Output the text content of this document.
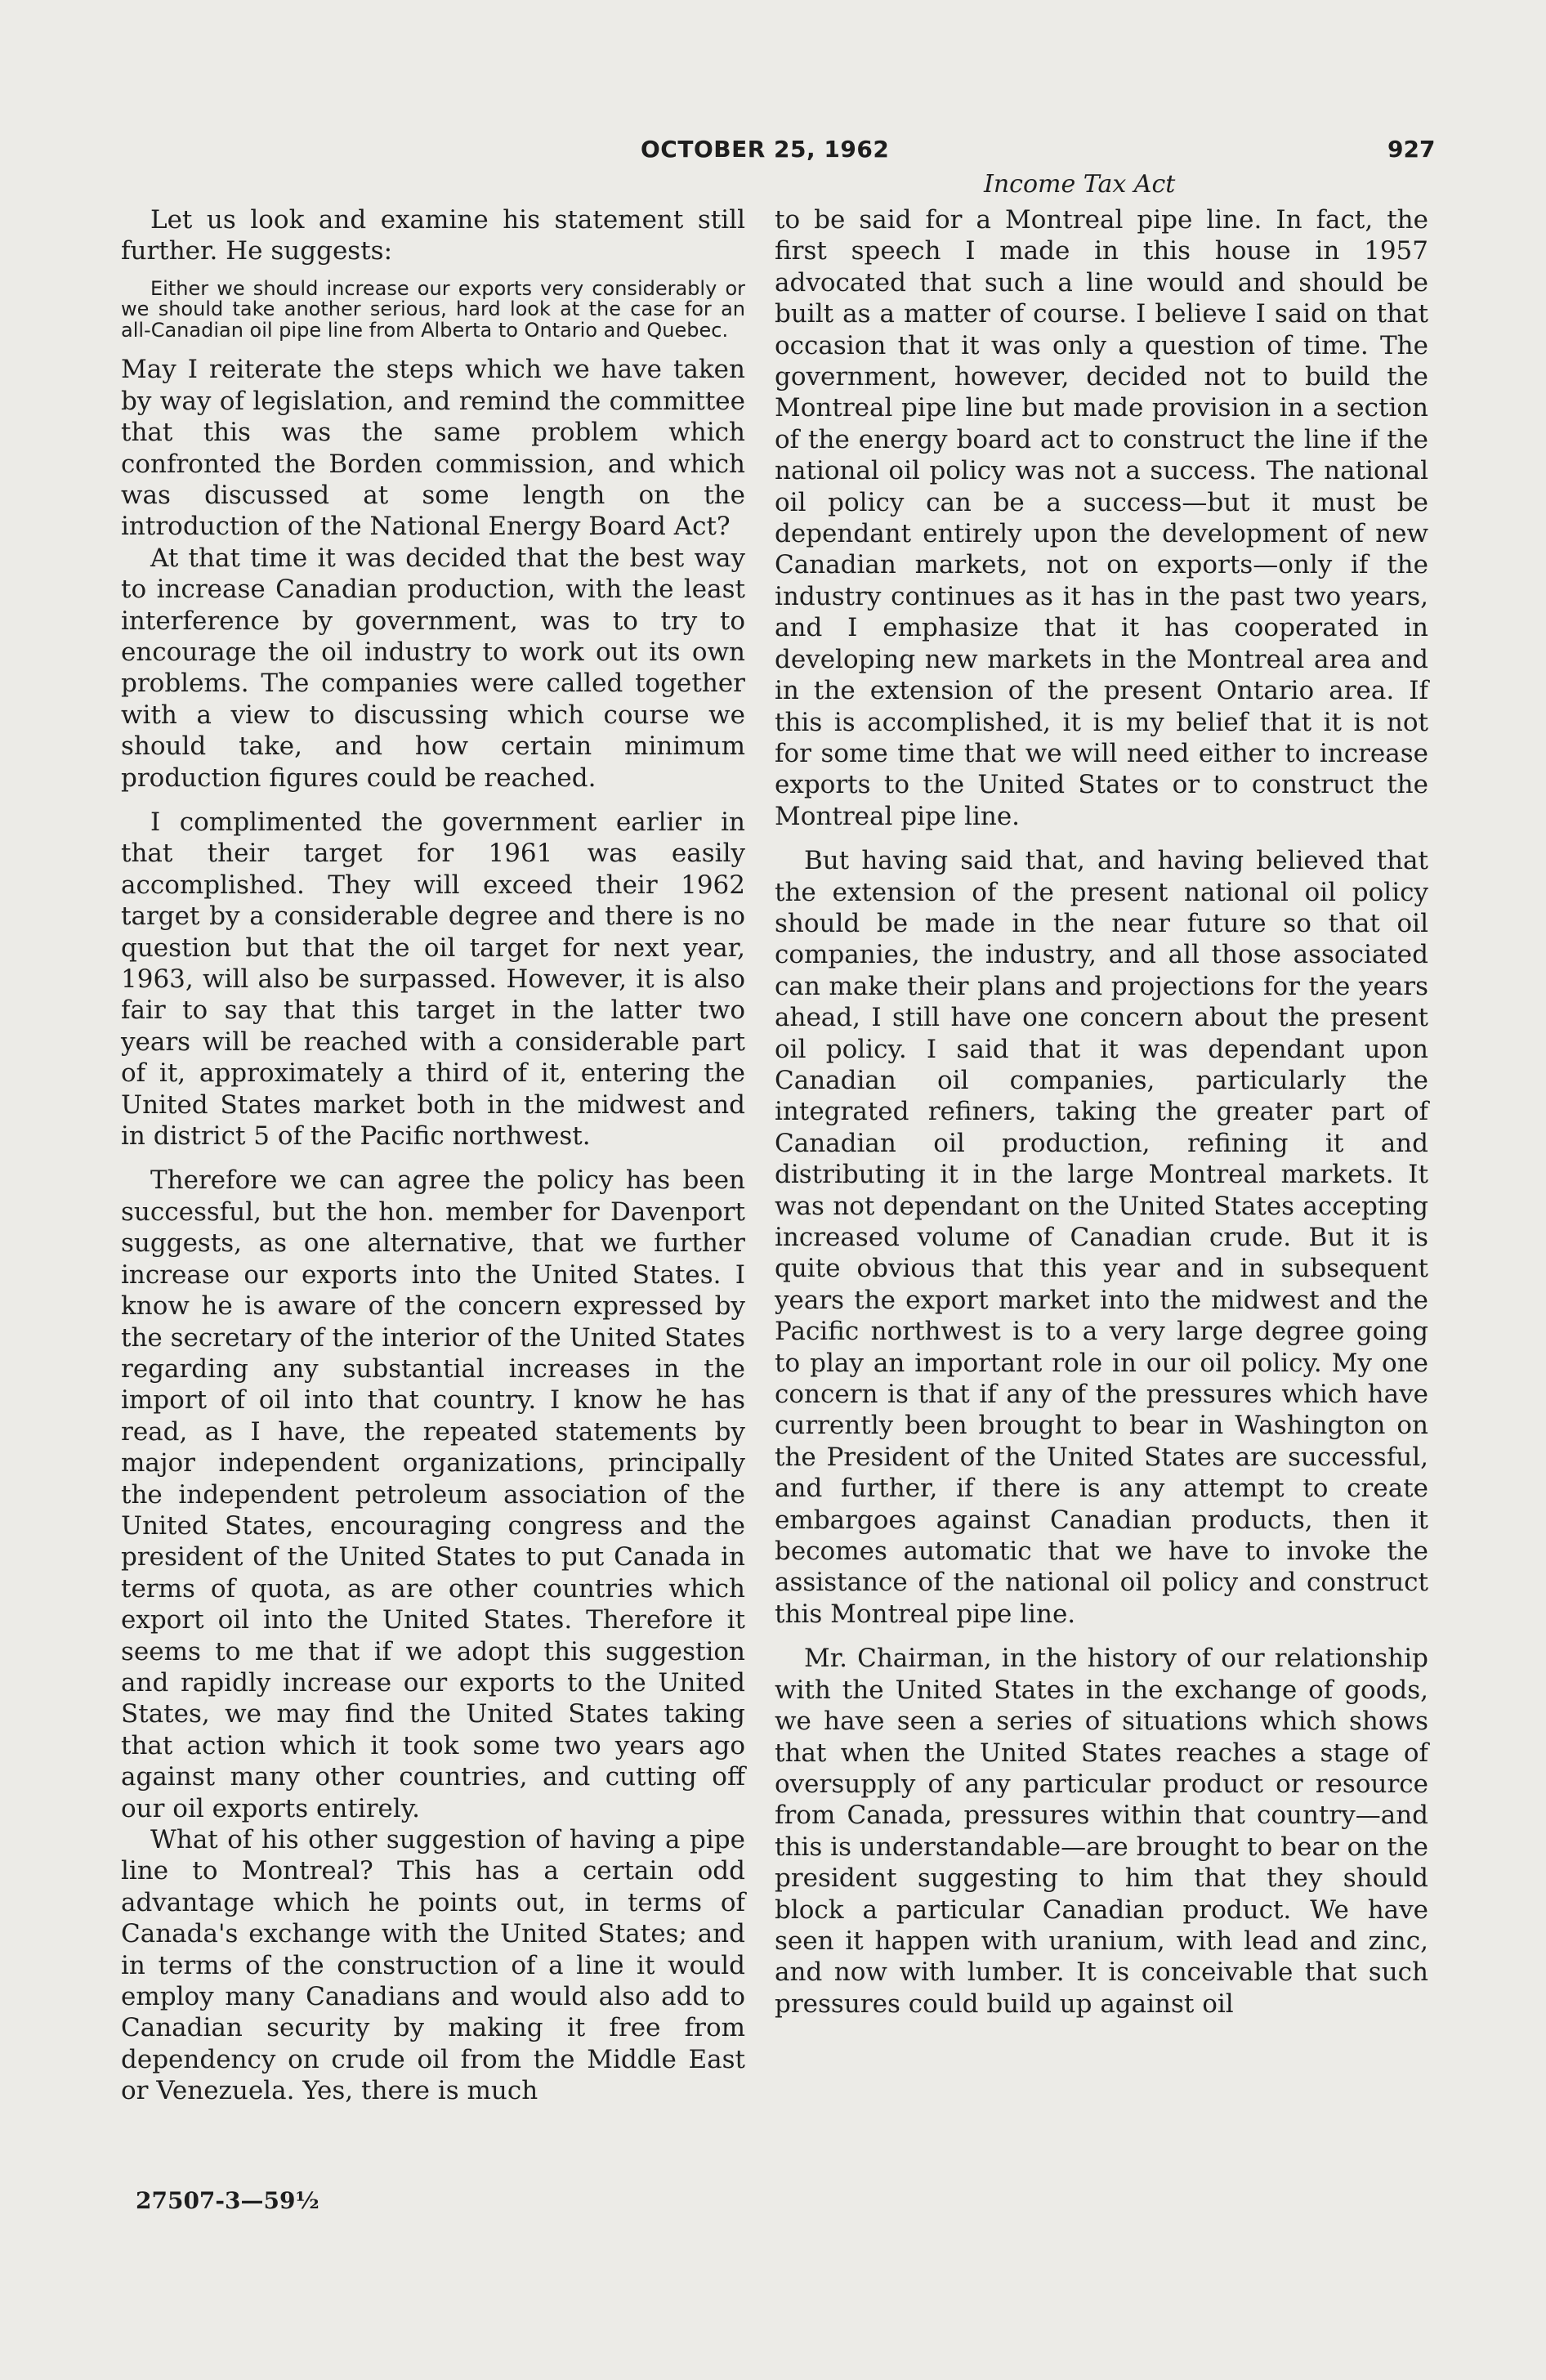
OCTOBER 25, 1962	927
Income Tax Act

Let us look and examine his statement still further. He suggests:

Either we should increase our exports very considerably or we should take another serious, hard look at the case for an all-Canadian oil pipe line from Alberta to Ontario and Quebec.

May I reiterate the steps which we have taken by way of legislation, and remind the committee that this was the same problem which confronted the Borden commission, and which was discussed at some length on the introduction of the National Energy Board Act?

At that time it was decided that the best way to increase Canadian production, with the least interference by government, was to try to encourage the oil industry to work out its own problems. The companies were called together with a view to discussing which course we should take, and how certain minimum production figures could be reached.

I complimented the government earlier in that their target for 1961 was easily accomplished. They will exceed their 1962 target by a considerable degree and there is no question but that the oil target for next year, 1963, will also be surpassed. However, it is also fair to say that this target in the latter two years will be reached with a considerable part of it, approximately a third of it, entering the United States market both in the midwest and in district 5 of the Pacific northwest.

Therefore we can agree the policy has been successful, but the hon. member for Davenport suggests, as one alternative, that we further increase our exports into the United States. I know he is aware of the concern expressed by the secretary of the interior of the United States regarding any substantial increases in the import of oil into that country. I know he has read, as I have, the repeated statements by major independent organizations, principally the independent petroleum association of the United States, encouraging congress and the president of the United States to put Canada in terms of quota, as are other countries which export oil into the United States. Therefore it seems to me that if we adopt this suggestion and rapidly increase our exports to the United States, we may find the United States taking that action which it took some two years ago against many other countries, and cutting off our oil exports entirely.

What of his other suggestion of having a pipe line to Montreal? This has a certain odd advantage which he points out, in terms of Canada's exchange with the United States; and in terms of the construction of a line it would employ many Canadians and would also add to Canadian security by making it free from dependency on crude oil from the Middle East or Venezuela. Yes, there is much

to be said for a Montreal pipe line. In fact, the first speech I made in this house in 1957 advocated that such a line would and should be built as a matter of course. I believe I said on that occasion that it was only a question of time. The government, however, decided not to build the Montreal pipe line but made provision in a section of the energy board act to construct the line if the national oil policy was not a success. The national oil policy can be a success—but it must be dependant entirely upon the development of new Canadian markets, not on exports—only if the industry continues as it has in the past two years, and I emphasize that it has cooperated in developing new markets in the Montreal area and in the extension of the present Ontario area. If this is accomplished, it is my belief that it is not for some time that we will need either to increase exports to the United States or to construct the Montreal pipe line.

But having said that, and having believed that the extension of the present national oil policy should be made in the near future so that oil companies, the industry, and all those associated can make their plans and projections for the years ahead, I still have one concern about the present oil policy. I said that it was dependant upon Canadian oil companies, particularly the integrated refiners, taking the greater part of Canadian oil production, refining it and distributing it in the large Montreal markets. It was not dependant on the United States accepting increased volume of Canadian crude. But it is quite obvious that this year and in subsequent years the export market into the midwest and the Pacific northwest is to a very large degree going to play an important role in our oil policy. My one concern is that if any of the pressures which have currently been brought to bear in Washington on the President of the United States are successful, and further, if there is any attempt to create embargoes against Canadian products, then it becomes automatic that we have to invoke the assistance of the national oil policy and construct this Montreal pipe line.

Mr. Chairman, in the history of our relationship with the United States in the exchange of goods, we have seen a series of situations which shows that when the United States reaches a stage of oversupply of any particular product or resource from Canada, pressures within that country—and this is understandable—are brought to bear on the president suggesting to him that they should block a particular Canadian product. We have seen it happen with uranium, with lead and zinc, and now with lumber. It is conceivable that such pressures could build up against oil

27507-3—59½
